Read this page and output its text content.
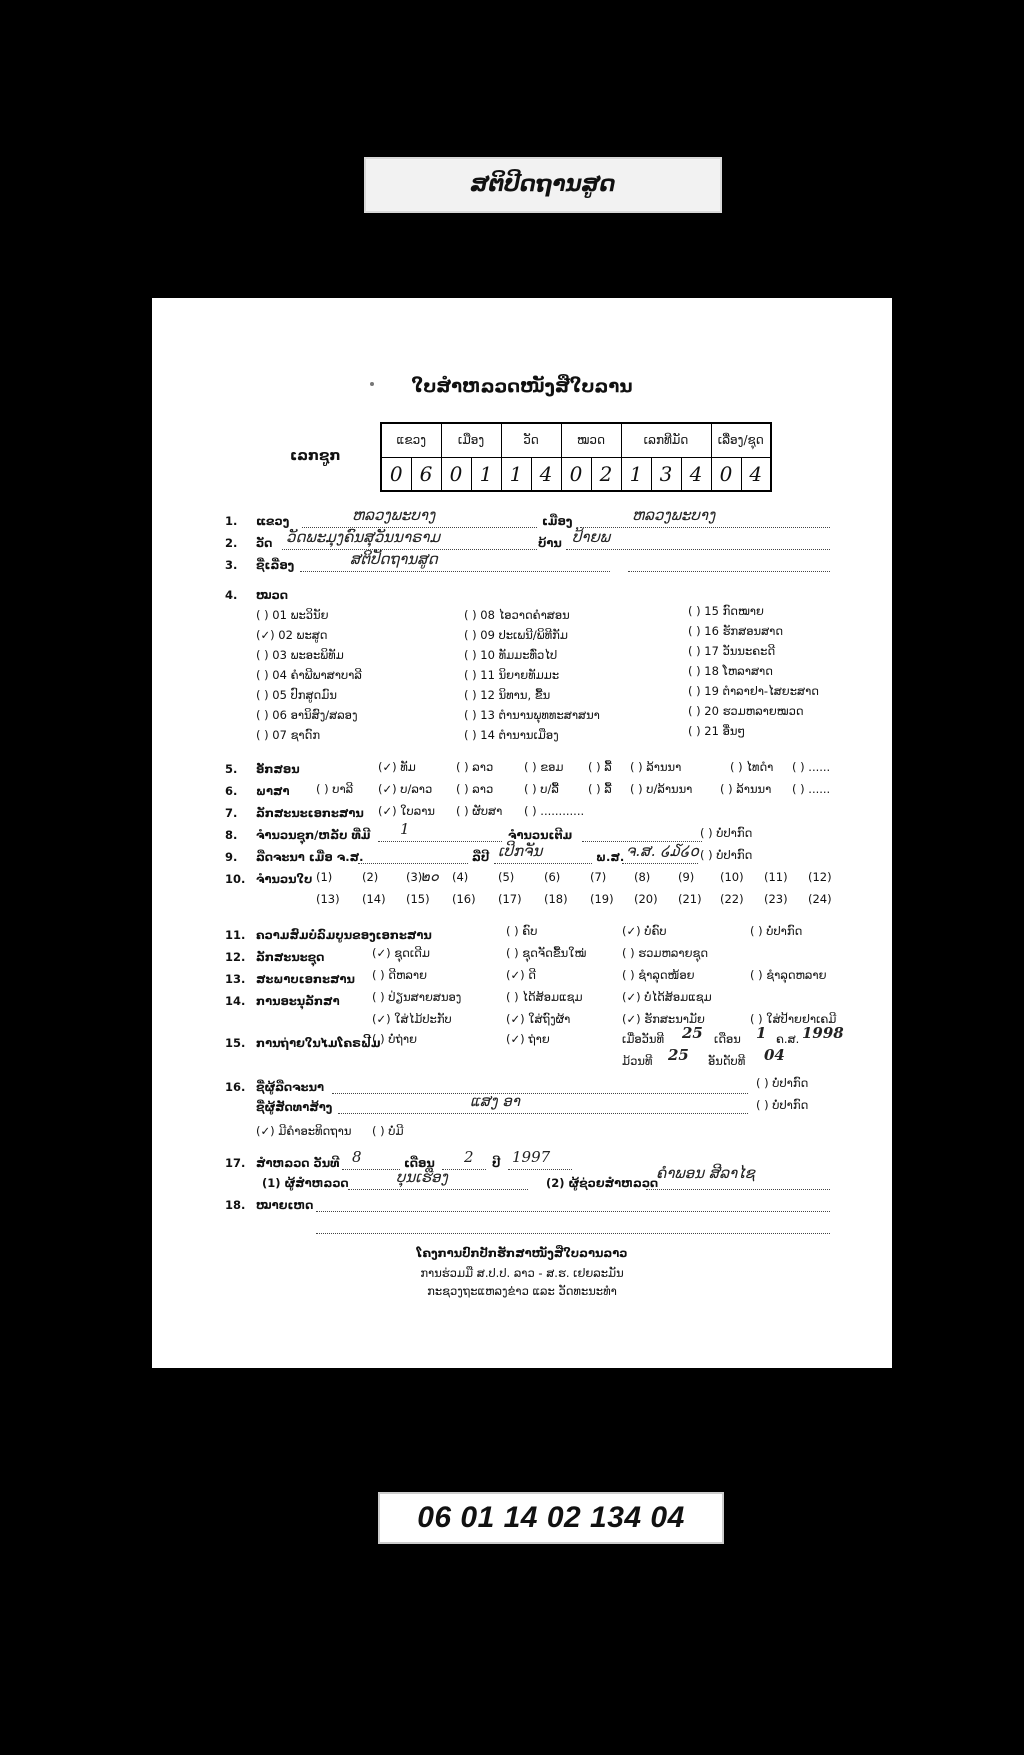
ສຕິປີດຖານສູດ
ໃບສຳຫລວດໜັງສືໃບລານ
ເລກຊູກ
ແຂວງ		ເມືອງ		ວັດ		ໝວດ		ເລກທີມັດ			ເລື່ອງ/ຊຸດ	
0	6	0	1	1	4	0	2	1	3	4	0	4
1. ແຂວງ	ຫລວງພະບາງ	ເມືອງ	ຫລວງພະບາງ
2. ວັດ ວັດພະມຸງຄົນສຸວັນນາຣາມ	ບ້ານ ປ້າຍພ
3. ຊື່ເລື່ອງ	ສຕິປັດຖານສູດ
4. ໝວດ
( ) 01 ພະວິນັຍ
(✓) 02 ພະສູດ
( ) 03 ພະອະພິທັມ
( ) 04 ຄຳພີພາສາບາລີ
( ) 05 ປົກສູດມົນ
( ) 06 ອານິສົງ/ສລອງ
( ) 07 ຊາດົກ
( ) 08 ໄອວາດຄຳສອນ
( ) 09 ປະເພນີ/ພິທີກັມ
( ) 10 ທັມມະທົ່ວໄປ
( ) 11 ນິຍາຍທັມມະ
( ) 12 ນິທານ, ຂື້ນ
( ) 13 ຕຳນານພຸທທະສາສນາ
( ) 14 ຕຳນານເມືອງ
( ) 15 ກົດໝາຍ
( ) 16 ຮັກສອນສາດ
( ) 17 ວັນນະຄະດີ
( ) 18 ໂຫລາສາດ
( ) 19 ຕຳລາຢາ-ໄສຍະສາດ
( ) 20 ຮວມຫລາຍໝວດ
( ) 21 ອື່ນໆ
5. ອັກສອນ	(✓) ທັມ	( ) ລາວ	( ) ຂອມ ( ) ລື້ ( ) ລ້ານນາ	( ) ໄທດຳ ( ) ......
6. ພາສາ ( ) ບາລີ (✓) ບ/ລາວ ( ) ລາວ	( ) ບ/ລື້	( ) ລື້ ( ) ບ/ລ້ານນາ ( ) ລ້ານນາ ( ) ......
7. ລັກສະນະເອກະສານ (✓) ໃບລານ ( ) ຜັບສາ ( ) ............
8. ຈຳນວນຊຸກ/ຫລັບ ທີ່ມີ 1	ຈຳນວນເຕີມ	( ) ບໍ່ປາກົດ
9. ລືດຈະນາ ເມື່ອ ຈ.ສ.	ລືປີ ເປິກຈັນ	ພ.ສ. ຈ.ສ. ໒໓໒໐ ( ) ບໍ່ປາກົດ
10. ຈຳນວນໃບ	๒๐
(1)	(2) (3)	(4)	(5)	(6)	(7) (8) (9) (10) (11) (12)
(13) (14) (15) (16) (17) (18) (19) (20) (21) (22) (23) (24)
11. ຄວາມສົມບໍ່ລົມບູນຂອງເອກະສານ	( ) ຄົບ	(✓) ບໍ່ຄົບ	( ) ບໍ່ປາກົດ
12. ລັກສະນະຊຸດ	(✓) ຊຸດເດີມ	( ) ຊຸດຈັດຂື້ນໃໝ່	( ) ຮວມຫລາຍຊຸດ
13. ສະພາບເອກະສານ ( ) ດີຫລາຍ	(✓) ດີ	( ) ຊຳລຸດໜ້ອຍ	( ) ຊຳລຸດຫລາຍ
14. ການອະນຸລັກສາ	( ) ປ່ຽນສາຍສນອງ	( ) ໄດ້ສ້ອມແຊມ	(✓) ບໍ່ໄດ້ສ້ອມແຊມ
(✓) ໃສ່ໄມ້ປະກັບ	(✓) ໃສ່ຖົງຜ້າ	(✓) ຮັກສະນາມັຍ	( ) ໃສ່ປ້າຍຢາເຄມີ
15. ການຖ່າຍໃນໄມໂຄຣຟີມ
( ) ບໍ່ຖ່າຍ	(✓) ຖ່າຍ	ເມື່ອວັນທີ 25 ເດືອນ 1 ຄ.ສ. 1998
ມ້ວນທີ 25 ອັນດັບທີ 04
16. ຊື່ຜູ້ລືດຈະນາ	( ) ບໍ່ປາກົດ
ຊື່ຜູ້ສັດທາສ້າງ	ແສງ ອາ	( ) ບໍ່ປາກົດ
(✓) ມີຄຳອະທິດຖານ ( ) ບໍ່ມີ
17. ສຳຫລວດ ວັນທີ 8	ເດືອນ 2 ປີ 1997
(1) ຜູ້ສຳຫລວດ	ບຸນເຮືອງ	(2) ຜູ້ຊ່ວຍສຳຫລວດ
ຄຳພອນ ສີລາໄຊ
18. ໝາຍເຫດ
ໂຄງການປົກປັກຮັກສາໜັງສືໃບລານລາວ
ການຮ່ວມມື ສ.ປ.ປ. ລາວ - ສ.ຮ. ເຢຍລະມັນ
ກະຊວງຖະແຫລງຂ່າວ ແລະ ວັດທະນະທຳ
06 01 14 02 134 04
